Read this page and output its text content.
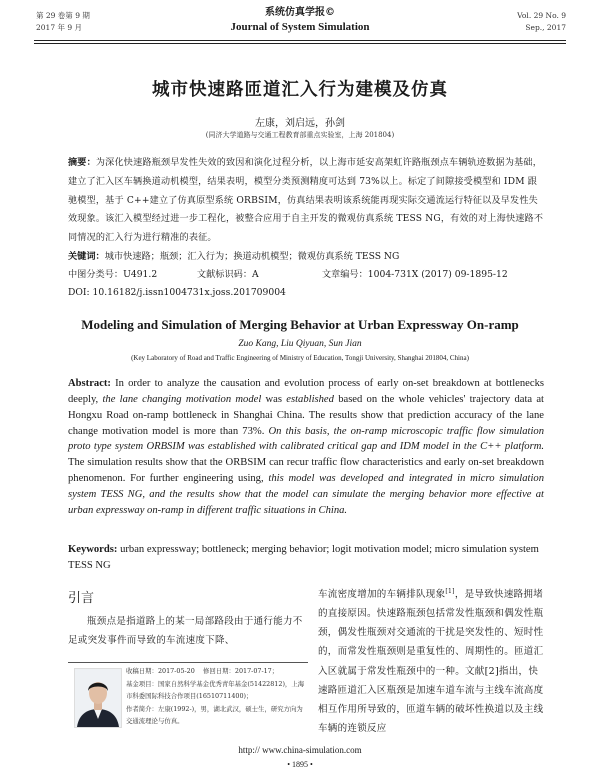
第 29 卷第 9 期
2017 年 9 月
系统仿真学报©
Journal of System Simulation
Vol. 29 No. 9
Sep., 2017
城市快速路匝道汇入行为建模及仿真
左康，刘启远，孙剑
(同济大学道路与交通工程教育部重点实验室，上海 201804)
摘要：为深化快速路瓶颈早发性失效的致因和演化过程分析，以上海市延安高架虹许路瓶颈点车辆轨迹数据为基础，建立了汇入区车辆换道动机模型，结果表明，模型分类预测精度可达到 73%以上。标定了间隙接受模型和 IDM 跟驰模型，基于 C++建立了仿真原型系统 ORBSIM，仿真结果表明该系统能再现实际交通流运行特征以及早发性失效现象。该汇入模型经过进一步工程化，被整合应用于自主开发的微观仿真系统 TESS NG，有效的对上海快速路不同情况的汇入行为进行精准的表征。
关键词：城市快速路；瓶颈；汇入行为；换道动机模型；微观仿真系统 TESS NG
中图分类号：U491.2	文献标识码：A	文章编号：1004-731X (2017) 09-1895-12
DOI: 10.16182/j.issn1004731x.joss.201709004
Modeling and Simulation of Merging Behavior at Urban Expressway On-ramp
Zuo Kang, Liu Qiyuan, Sun Jian
(Key Laboratory of Road and Traffic Engineering of Ministry of Education, Tongji University, Shanghai 201804, China)
Abstract: In order to analyze the causation and evolution process of early on-set breakdown at bottlenecks deeply, the lane changing motivation model was established based on the whole vehicles' trajectory data at Hongxu Road on-ramp bottleneck in Shanghai China. The results show that prediction accuracy of the lane change motivation model is more than 73%. On this basis, the on-ramp microscopic traffic flow simulation proto type system ORBSIM was established with calibrated critical gap and IDM model in the C++ platform. The simulation results show that the ORBSIM can recur traffic flow characteristics and early on-set breakdown phenomenon. For further engineering using, this model was developed and integrated in micro simulation system TESS NG, and the results show that the model can simulate the merging behavior more effective at urban expressway on-ramp in different traffic situations in China.
Keywords: urban expressway; bottleneck; merging behavior; logit motivation model; micro simulation system TESS NG
引言
瓶颈点是指道路上的某一局部路段由于通行能力不足或突发事件而导致的车流速度下降、
车流密度增加的车辆排队现象[1]，是导致快速路拥堵的直接原因。快速路瓶颈包括常发性瓶颈和偶发性瓶颈，偶发性瓶颈对交通流的干扰是突发性的、短时性的，而常发性瓶颈则是重复性的、周期性的。匝道汇入区就属于常发性瓶颈中的一种。文献[2]指出，快速路匝道汇入区瓶颈是加速车道车流与主线车流高度相互作用所导致的，匝道车辆的破坏性换道以及主线车辆的连锁反应
收稿日期：2017-05-20 修回日期：2017-07-17；
基金项目：国家自然科学基金优秀青年基金(51422812)，上海市科委国际科技合作项目(16510711400)；
作者简介：左康(1992-)，男，湖北武汉，硕士生，研究方向为交通流理论与仿真。
http:// www.china-simulation.com
• 1895 •
